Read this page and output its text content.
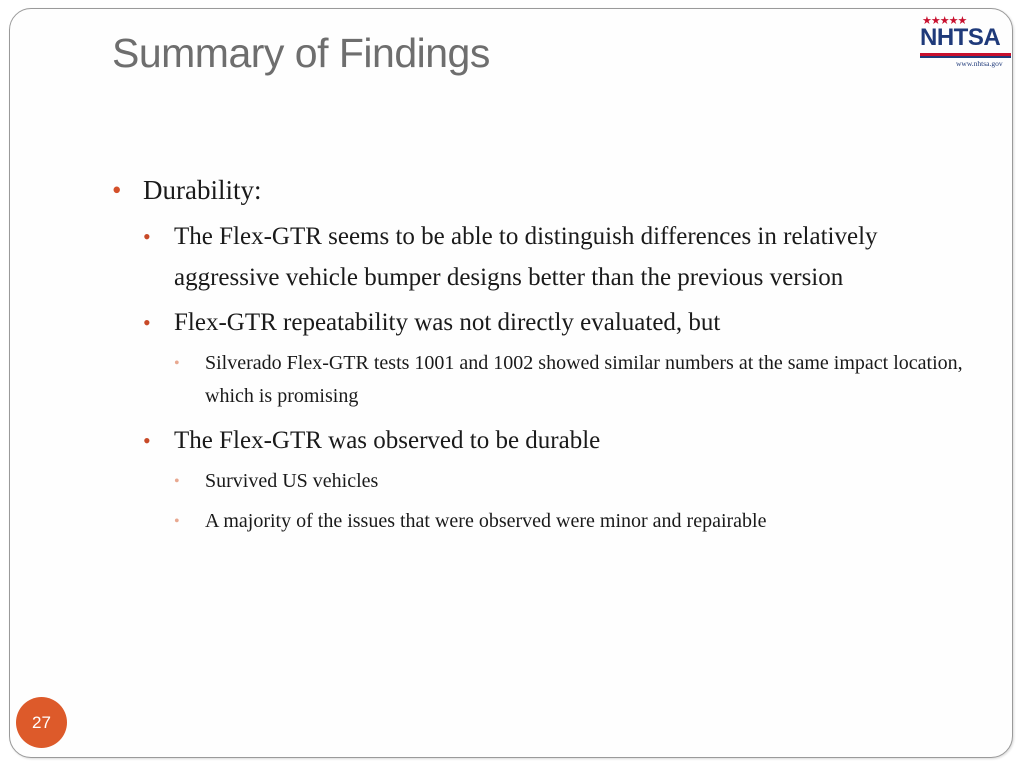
Summary of Findings
★★★★★
NHTSA
www.nhtsa.gov
• Durability:
• The Flex-GTR seems to be able to distinguish differences in relatively aggressive vehicle bumper designs better than the previous version
• Flex-GTR repeatability was not directly evaluated, but
• Silverado Flex-GTR tests 1001 and 1002 showed similar numbers at the same impact location, which is promising
• The Flex-GTR was observed to be durable
• Survived US vehicles
• A majority of the issues that were observed were minor and repairable
27
